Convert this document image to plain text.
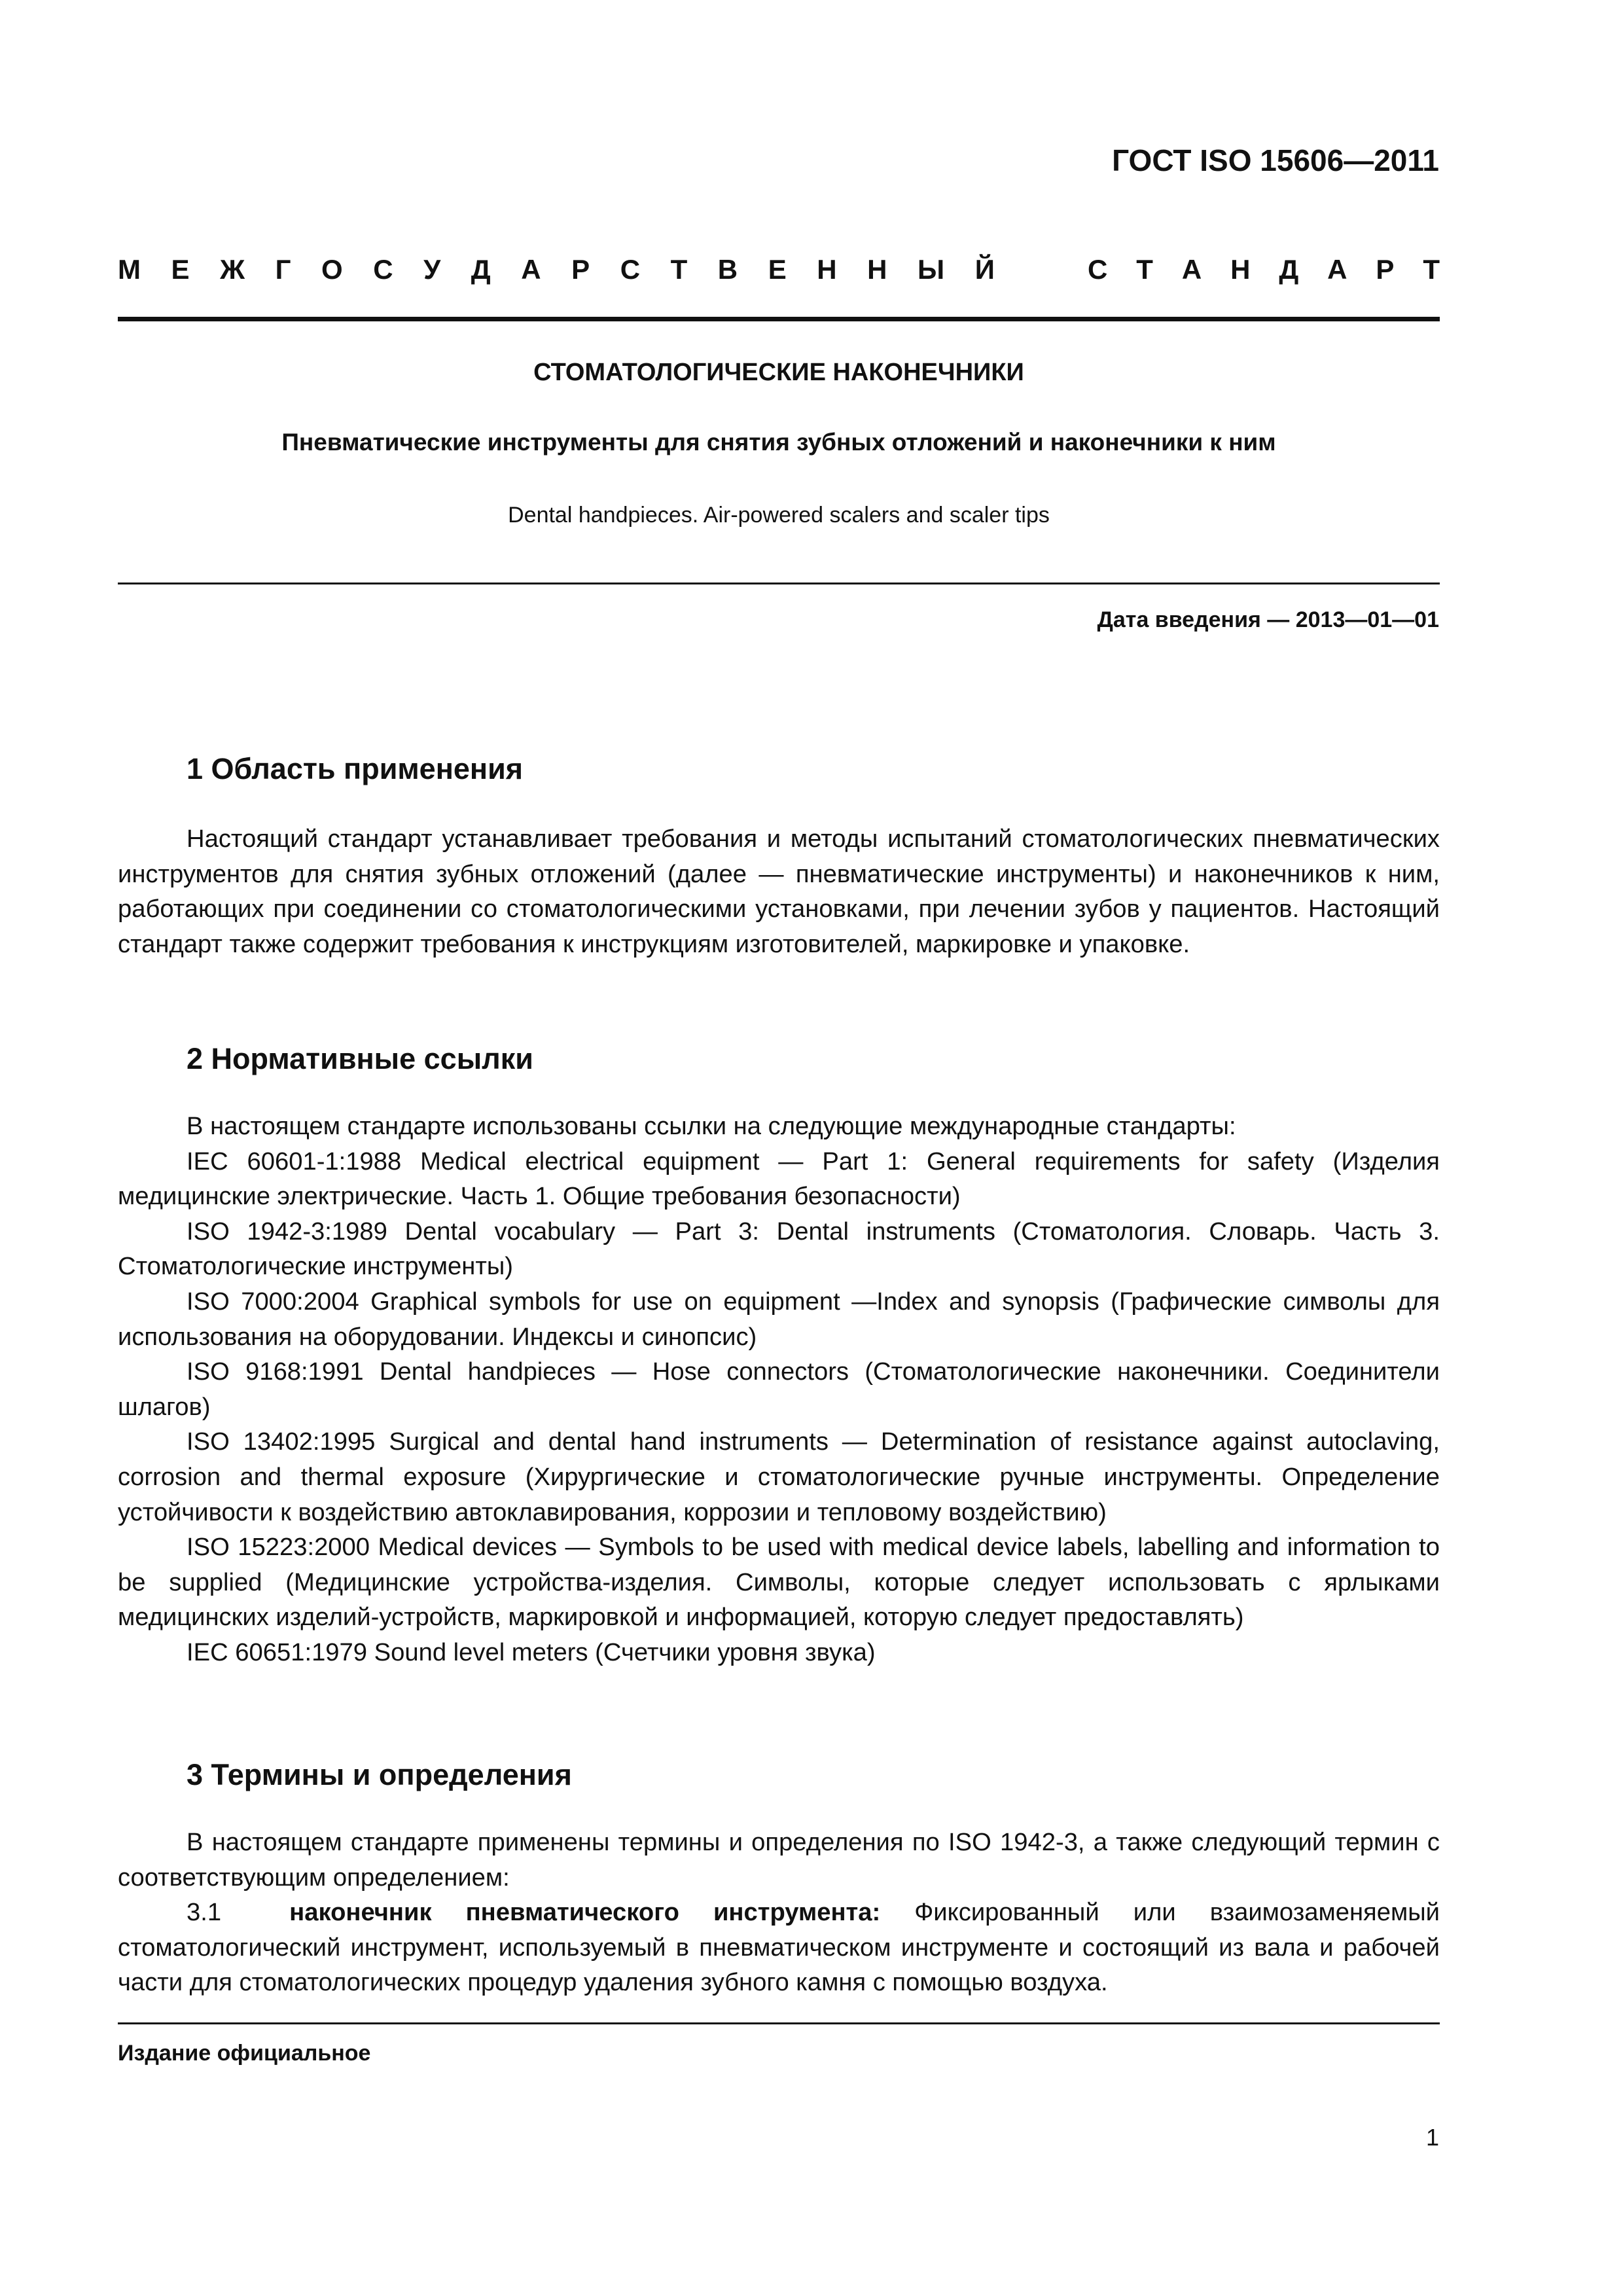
ГОСТ ISO 15606—2011
М Е Ж Г О С У Д А Р С Т В Е Н Н Ы Й	С Т А Н Д А Р Т
СТОМАТОЛОГИЧЕСКИЕ НАКОНЕЧНИКИ
Пневматические инструменты для снятия зубных отложений и наконечники к ним
Dental handpieces. Air-powered scalers and scaler tips
Дата введения — 2013—01—01
1 Область применения

Настоящий стандарт устанавливает требования и методы испытаний стоматологических пневматических инструментов для снятия зубных отложений (далее — пневматические инструменты) и наконечников к ним, работающих при соединении со стоматологическими установками, при лечении зубов у пациентов. Настоящий стандарт также содержит требования к инструкциям изготовителей, маркировке и упаковке.

2 Нормативные ссылки

В настоящем стандарте использованы ссылки на следующие международные стандарты:

IEC 60601-1:1988 Medical electrical equipment — Part 1: General requirements for safety (Изделия медицинские электрические. Часть 1. Общие требования безопасности)

ISO 1942-3:1989 Dental vocabulary — Part 3: Dental instruments (Стоматология. Словарь. Часть 3. Стоматологические инструменты)

ISO 7000:2004 Graphical symbols for use on equipment —Index and synopsis (Графические символы для использования на оборудовании. Индексы и синопсис)

ISO 9168:1991 Dental handpieces — Hose connectors (Стоматологические наконечники. Соединители шлагов)

ISO 13402:1995 Surgical and dental hand instruments — Determination of resistance against autoclaving, corrosion and thermal exposure (Хирургические и стоматологические ручные инструменты. Определение устойчивости к воздействию автоклавирования, коррозии и тепловому воздействию)

ISO 15223:2000 Medical devices — Symbols to be used with medical device labels, labelling and information to be supplied (Медицинские устройства-изделия. Символы, которые следует использовать с ярлыками медицинских изделий-устройств, маркировкой и информацией, которую следует предоставлять)

IEC 60651:1979 Sound level meters (Счетчики уровня звука)

3 Термины и определения

В настоящем стандарте применены термины и определения по ISO 1942-3, а также следующий термин с соответствующим определением:

3.1	наконечник пневматического инструмента: Фиксированный или взаимозаменяемый стоматологический инструмент, используемый в пневматическом инструменте и состоящий из вала и рабочей части для стоматологических процедур удаления зубного камня с помощью воздуха.

Издание официальное
1
